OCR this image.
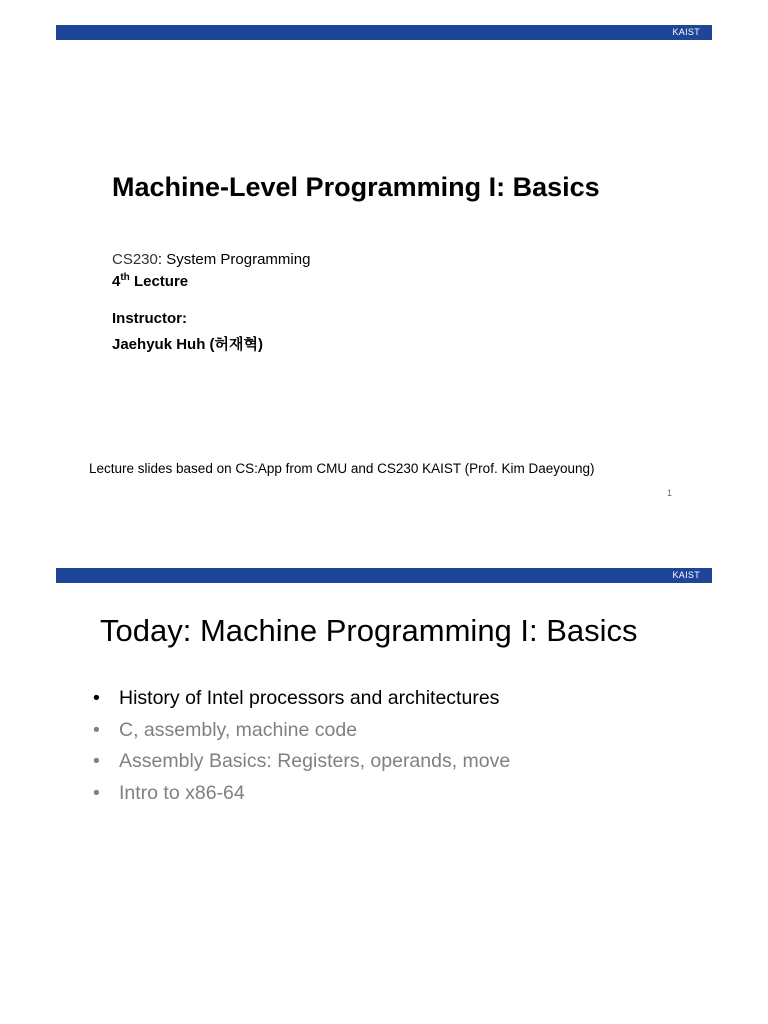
KAIST
Machine-Level Programming I: Basics
CS230: System Programming
4th Lecture
Instructor:
Jaehyuk Huh (허재혁)
Lecture slides based on CS:App from CMU and CS230 KAIST (Prof. Kim Daeyoung)
1
KAIST
Today: Machine Programming I: Basics
• History of Intel processors and architectures
• C, assembly, machine code
• Assembly Basics: Registers, operands, move
• Intro to x86-64
